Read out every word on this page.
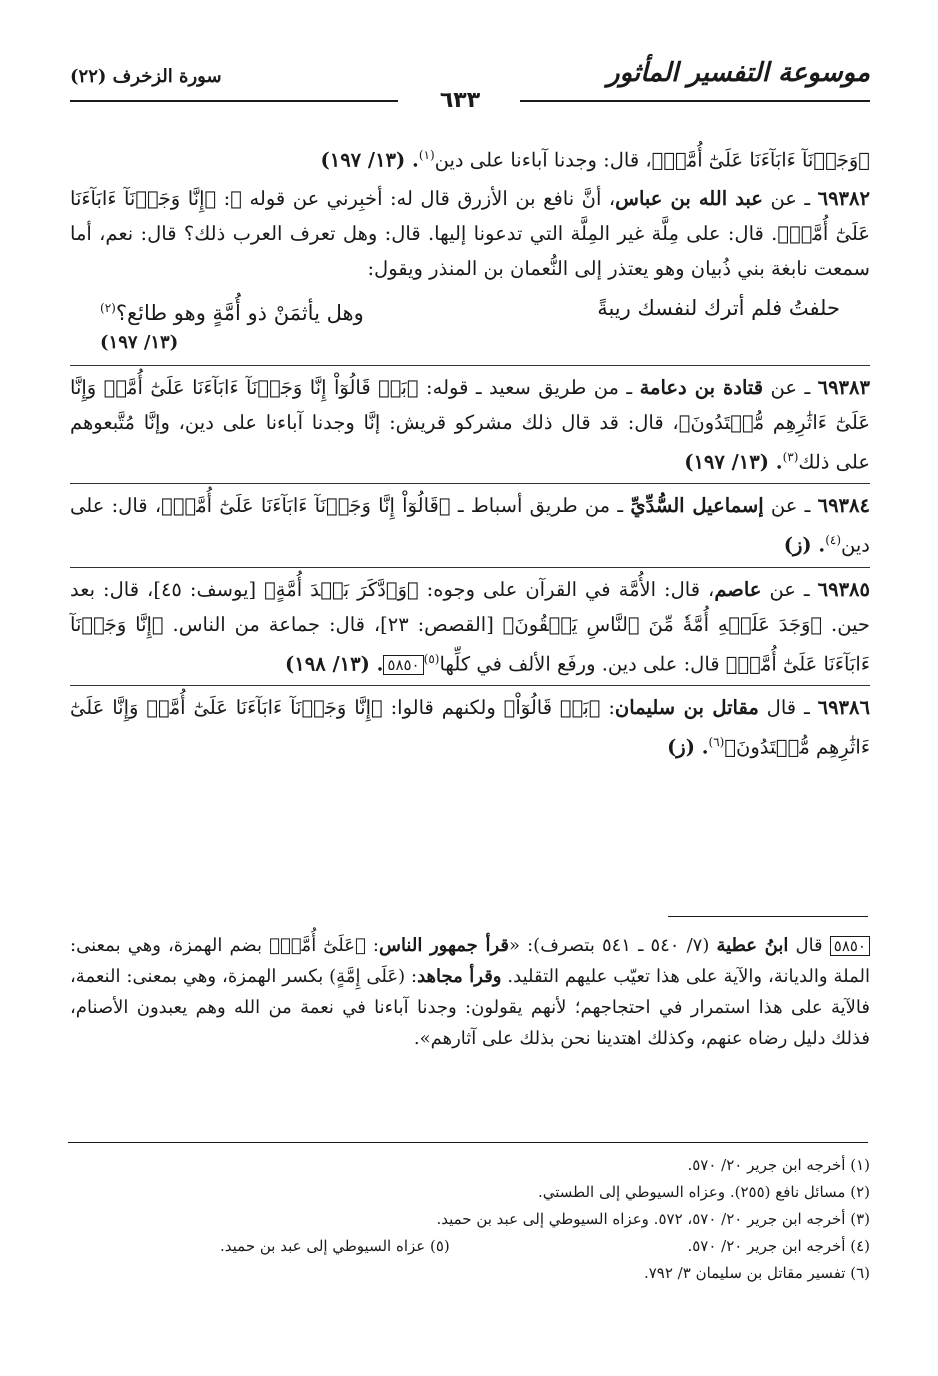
موسوعة التفسير المأثور
سورة الزخرف (٢٢)
٦٣٣

﴿وَجَدۡنَآ ءَابَآءَنَا عَلَىٰٓ أُمَّةٖ﴾، قال: وجدنا آباءنا على دين$^{(١)}$. (١٣/ ١٩٧)

٦٩٣٨٢ ـ عن عبد الله بن عباس، أنَّ نافع بن الأزرق قال له: أخبِرني عن قوله ﷻ: ﴿إِنَّا وَجَدۡنَآ ءَابَآءَنَا عَلَىٰٓ أُمَّةٖ﴾. قال: على مِلَّة غير المِلَّة التي تدعونا إليها. قال: وهل تعرف العرب ذلك؟ قال: نعم، أما سمعت نابغة بني ذُبيان وهو يعتذر إلى النُّعمان بن المنذر ويقول:

حلفتُ فلم أترك لنفسك ريبةً
وهل يأثمَنْ ذو أُمَّةٍ وهو طائع؟$^{(٢)}$
(١٣/ ١٩٧)

٦٩٣٨٣ ـ عن قتادة بن دعامة ـ من طريق سعيد ـ قوله: ﴿بَلۡ قَالُوٓاْ إِنَّا وَجَدۡنَآ ءَابَآءَنَا عَلَىٰٓ أُمَّةٖ وَإِنَّا عَلَىٰٓ ءَاثَٰرِهِم مُّهۡتَدُونَ﴾، قال: قد قال ذلك مشركو قريش: إنَّا وجدنا آباءنا على دين، وإنَّا مُتَّبعوهم على ذلك$^{(٣)}$. (١٣/ ١٩٧)

٦٩٣٨٤ ـ عن إسماعيل السُّدِّيِّ ـ من طريق أسباط ـ ﴿قَالُوٓاْ إِنَّا وَجَدۡنَآ ءَابَآءَنَا عَلَىٰٓ أُمَّةٖ﴾، قال: على دين$^{(٤)}$. (ز)

٦٩٣٨٥ ـ عن عاصم، قال: الأُمَّة في القرآن على وجوه: ﴿وَٱدَّكَرَ بَعۡدَ أُمَّةٍ﴾ [يوسف: ٤٥]، قال: بعد حين. ﴿وَجَدَ عَلَيۡهِ أُمَّةٗ مِّنَ ٱلنَّاسِ يَسۡقُونَ﴾ [القصص: ٢٣]، قال: جماعة من الناس. ﴿إِنَّا وَجَدۡنَآ ءَابَآءَنَا عَلَىٰٓ أُمَّةٖ﴾ قال: على دين. ورفَع الألف في كلِّها$^{(٥)}$٥٨٥٠. (١٣/ ١٩٨)

٦٩٣٨٦ ـ قال مقاتل بن سليمان: ﴿بَلۡ قَالُوٓاْ﴾ ولكنهم قالوا: ﴿إِنَّا وَجَدۡنَآ ءَابَآءَنَا عَلَىٰٓ أُمَّةٖ وَإِنَّا عَلَىٰٓ ءَاثَٰرِهِم مُّهۡتَدُونَ﴾$^{(٦)}$. (ز)

٥٨٥٠ قال ابنُ عطية (٧/ ٥٤٠ ـ ٥٤١ بتصرف): «قرأ جمهور الناس: ﴿عَلَىٰٓ أُمَّةٖ﴾ بضم الهمزة، وهي بمعنى: الملة والديانة، والآية على هذا تعيّب عليهم التقليد. وقرأ مجاهد: (عَلَى إِمَّةٍ) بكسر الهمزة، وهي بمعنى: النعمة، فالآية على هذا استمرار في احتجاجهم؛ لأنهم يقولون: وجدنا آباءنا في نعمة من الله وهم يعبدون الأصنام، فذلك دليل رضاه عنهم، وكذلك اهتدينا نحن بذلك على آثارهم».
(١) أخرجه ابن جرير ٢٠/ ٥٧٠.
(٢) مسائل نافع (٢٥٥). وعزاه السيوطي إلى الطستي.
(٣) أخرجه ابن جرير ٢٠/ ٥٧٠، ٥٧٢. وعزاه السيوطي إلى عبد بن حميد.
(٤) أخرجه ابن جرير ٢٠/ ٥٧٠.
(٥) عزاه السيوطي إلى عبد بن حميد.
(٦) تفسير مقاتل بن سليمان ٣/ ٧٩٢.
